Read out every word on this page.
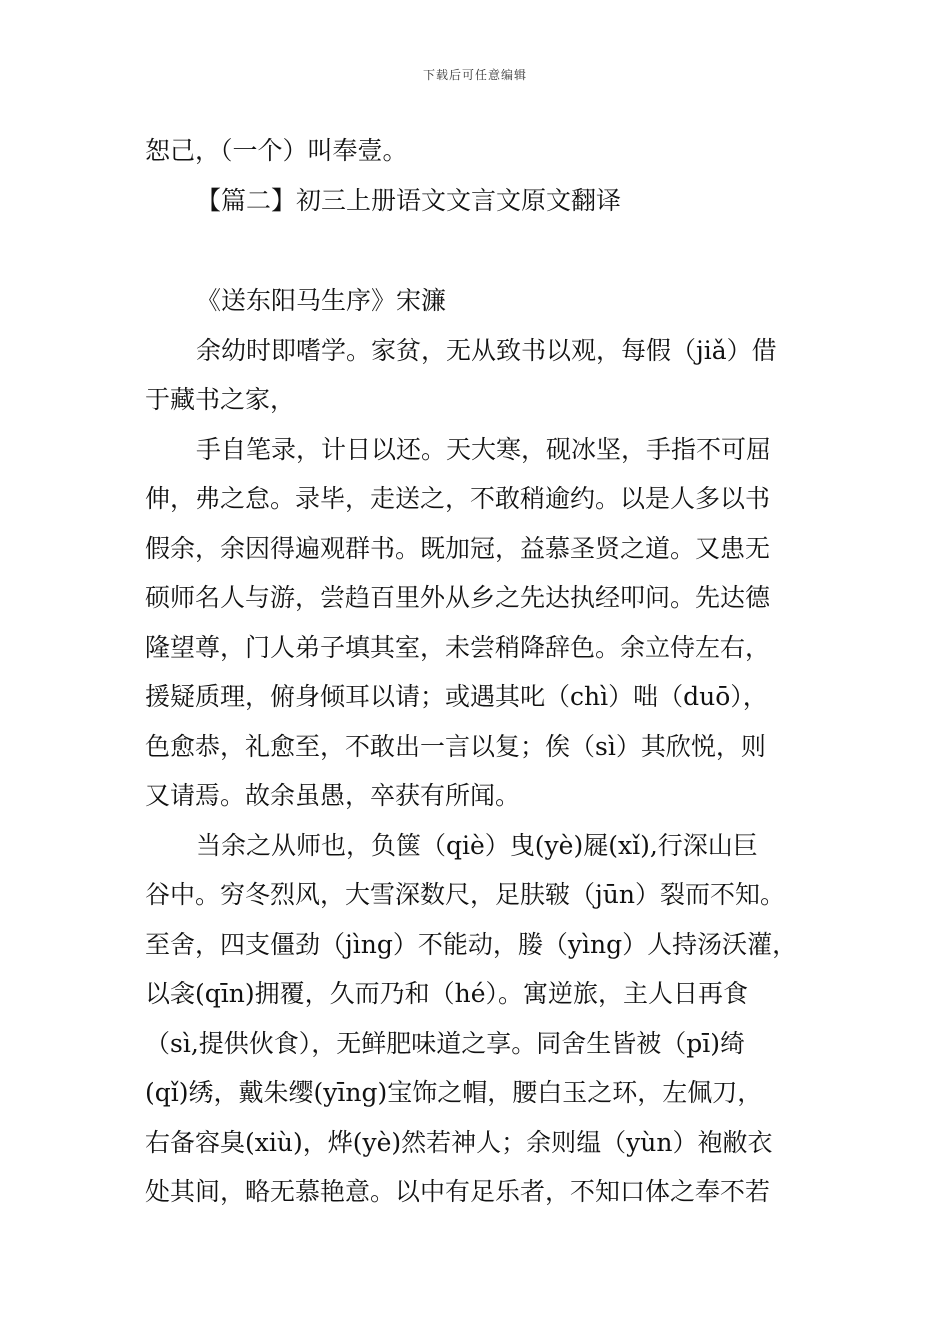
下载后可任意编辑
恕己，（一个）叫奉壹。
【篇二】初三上册语文文言文原文翻译
《送东阳马生序》宋濂
余幼时即嗜学。家贫，无从致书以观，每假（jiǎ）借
于藏书之家，
手自笔录，计日以还。天大寒，砚冰坚，手指不可屈
伸，弗之怠。录毕，走送之，不敢稍逾约。以是人多以书
假余，余因得遍观群书。既加冠，益慕圣贤之道。又患无
硕师名人与游，尝趋百里外从乡之先达执经叩问。先达德
隆望尊，门人弟子填其室，未尝稍降辞色。余立侍左右，
援疑质理，俯身倾耳以请；或遇其叱（chì）咄（duō），
色愈恭，礼愈至，不敢出一言以复；俟（sì）其欣悦，则
又请焉。故余虽愚，卒获有所闻。
当余之从师也，负箧（qiè）曳(yè)屣(xǐ),行深山巨
谷中。穷冬烈风，大雪深数尺，足肤皲（jūn）裂而不知。
至舍，四支僵劲（jìng）不能动，媵（yìng）人持汤沃灌，
以衾(qīn)拥覆，久而乃和（hé）。寓逆旅，主人日再食
（sì,提供伙食），无鲜肥味道之享。同舍生皆被（pī)绮
(qǐ)绣，戴朱缨(yīng)宝饰之帽，腰白玉之环，左佩刀，
右备容臭(xiù)，烨(yè)然若神人；余则缊（yùn）袍敝衣
处其间，略无慕艳意。以中有足乐者，不知口体之奉不若
